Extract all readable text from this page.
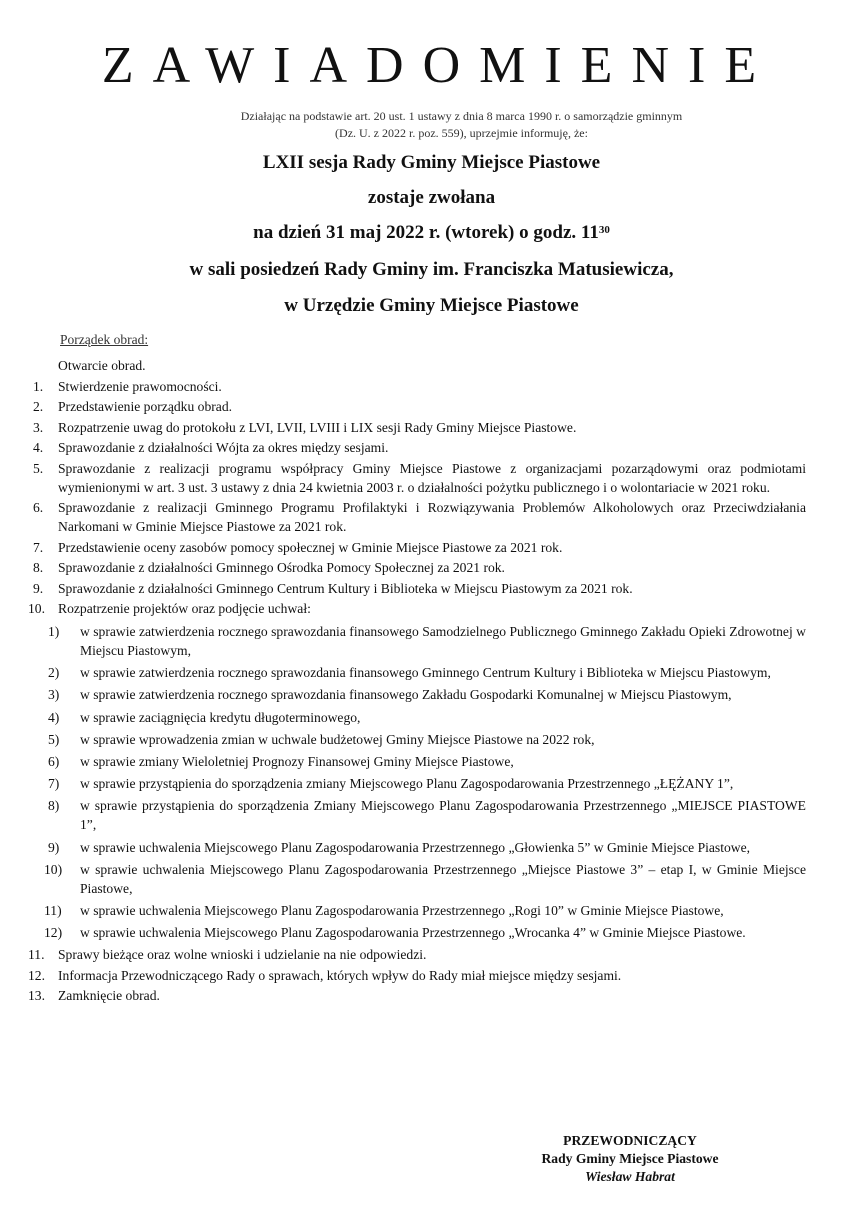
ZAWIADOMIENIE
Działając na podstawie art. 20 ust. 1 ustawy z dnia 8 marca 1990 r. o samorządzie gminnym
(Dz. U. z 2022 r. poz. 559), uprzejmie informuję, że:
LXII sesja Rady Gminy Miejsce Piastowe
zostaje zwołana
na dzień 31 maj 2022 r. (wtorek) o godz. $11^{30}$
w sali posiedzeń Rady Gminy im. Franciszka Matusiewicza,
w Urzędzie Gminy Miejsce Piastowe
Porządek obrad:
Otwarcie obrad.
1. Stwierdzenie prawomocności.
2. Przedstawienie porządku obrad.
3. Rozpatrzenie uwag do protokołu z LVI, LVII, LVIII i LIX sesji Rady Gminy Miejsce Piastowe.
4. Sprawozdanie z działalności Wójta za okres między sesjami.
5. Sprawozdanie z realizacji programu współpracy Gminy Miejsce Piastowe z organizacjami pozarządowymi oraz podmiotami wymienionymi w art. 3 ust. 3 ustawy z dnia 24 kwietnia 2003 r. o działalności pożytku publicznego i o wolontariacie w 2021 roku.
6. Sprawozdanie z realizacji Gminnego Programu Profilaktyki i Rozwiązywania Problemów Alkoholowych oraz Przeciwdziałania Narkomani w Gminie Miejsce Piastowe za 2021 rok.
7. Przedstawienie oceny zasobów pomocy społecznej w Gminie Miejsce Piastowe za 2021 rok.
8. Sprawozdanie z działalności Gminnego Ośrodka Pomocy Społecznej za 2021 rok.
9. Sprawozdanie z działalności Gminnego Centrum Kultury i Biblioteka w Miejscu Piastowym za 2021 rok.
10. Rozpatrzenie projektów oraz podjęcie uchwał:
1) w sprawie zatwierdzenia rocznego sprawozdania finansowego Samodzielnego Publicznego Gminnego Zakładu Opieki Zdrowotnej w Miejscu Piastowym,
2) w sprawie zatwierdzenia rocznego sprawozdania finansowego Gminnego Centrum Kultury i Biblioteka w Miejscu Piastowym,
3) w sprawie zatwierdzenia rocznego sprawozdania finansowego Zakładu Gospodarki Komunalnej w Miejscu Piastowym,
4) w sprawie zaciągnięcia kredytu długoterminowego,
5) w sprawie wprowadzenia zmian w uchwale budżetowej Gminy Miejsce Piastowe na 2022 rok,
6) w sprawie zmiany Wieloletniej Prognozy Finansowej Gminy Miejsce Piastowe,
7) w sprawie przystąpienia do sporządzenia zmiany Miejscowego Planu Zagospodarowania Przestrzennego „ŁĘŻANY 1”,
8) w sprawie przystąpienia do sporządzenia Zmiany Miejscowego Planu Zagospodarowania Przestrzennego „MIEJSCE PIASTOWE 1”,
9) w sprawie uchwalenia Miejscowego Planu Zagospodarowania Przestrzennego „Głowienka 5” w Gminie Miejsce Piastowe,
10) w sprawie uchwalenia Miejscowego Planu Zagospodarowania Przestrzennego „Miejsce Piastowe 3” – etap I, w Gminie Miejsce Piastowe,
11) w sprawie uchwalenia Miejscowego Planu Zagospodarowania Przestrzennego „Rogi 10” w Gminie Miejsce Piastowe,
12) w sprawie uchwalenia Miejscowego Planu Zagospodarowania Przestrzennego „Wrocanka 4” w Gminie Miejsce Piastowe.
11. Sprawy bieżące oraz wolne wnioski i udzielanie na nie odpowiedzi.
12. Informacja Przewodniczącego Rady o sprawach, których wpływ do Rady miał miejsce między sesjami.
13. Zamknięcie obrad.
PRZEWODNICZĄCY
Rady Gminy Miejsce Piastowe
Wiesław Habrat
